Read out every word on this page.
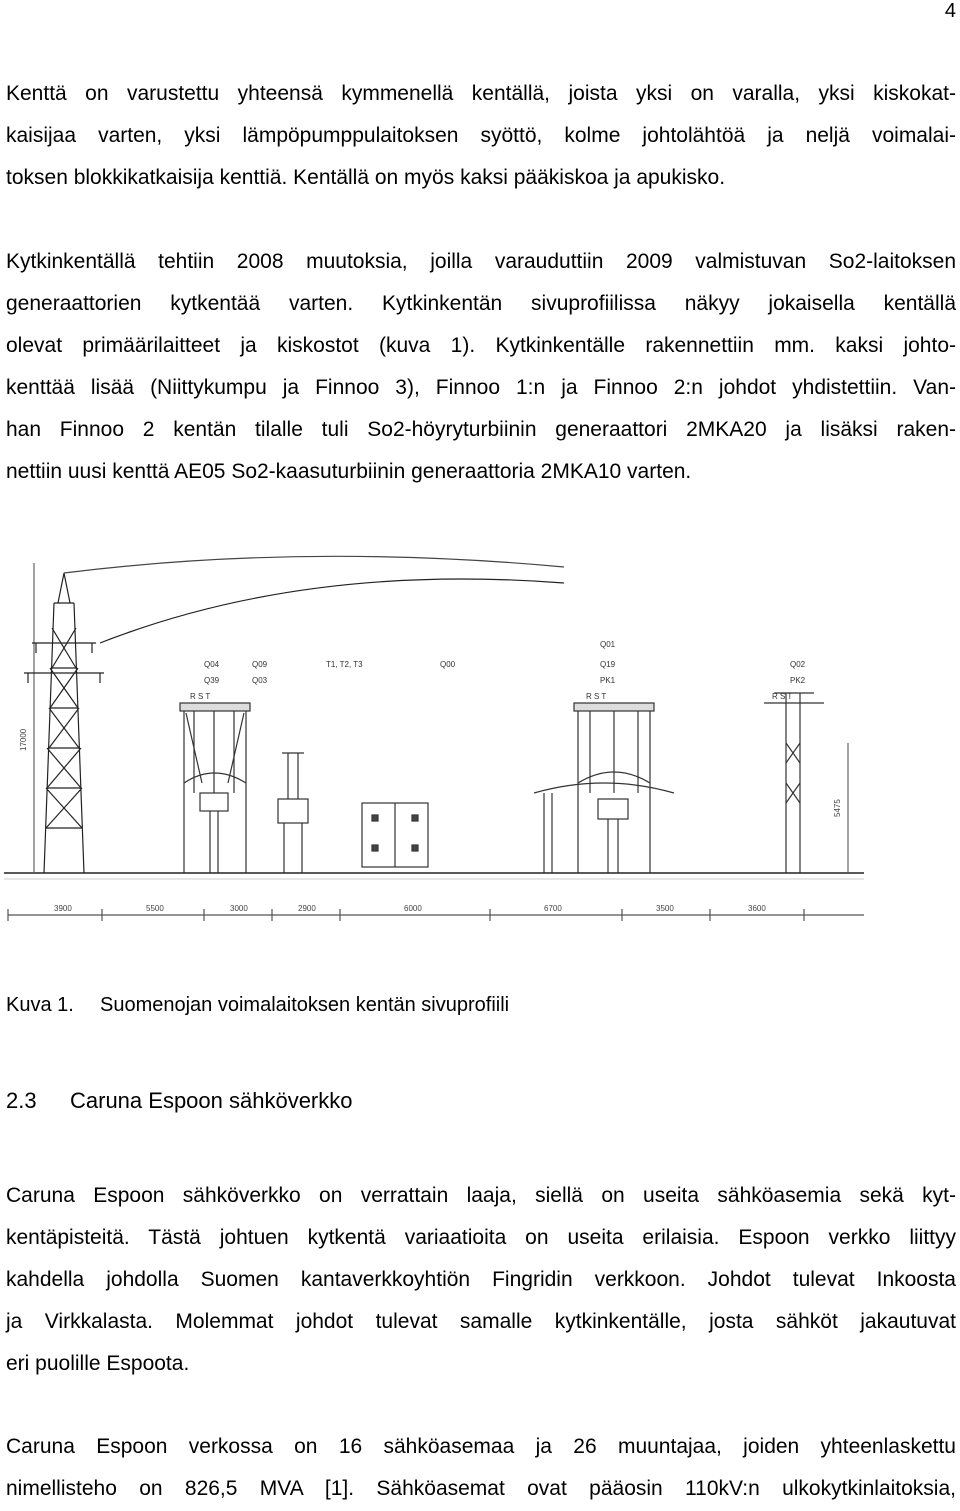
4

Kenttä on varustettu yhteensä kymmenellä kentällä, joista yksi on varalla, yksi kiskokat-
kaisijaa varten, yksi lämpöpumppulaitoksen syöttö, kolme johtolähtöä ja neljä voimalai-
toksen blokkikatkaisija kenttiä. Kentällä on myös kaksi pääkiskoa ja apukisko.

Kytkinkentällä tehtiin 2008 muutoksia, joilla varauduttiin 2009 valmistuvan So2-laitoksen
generaattorien kytkentää varten. Kytkinkentän sivuprofiilissa näkyy jokaisella kentällä
olevat primäärilaitteet ja kiskostot (kuva 1). Kytkinkentälle rakennettiin mm. kaksi johto-
kenttää lisää (Niittykumpu ja Finnoo 3), Finnoo 1:n ja Finnoo 2:n johdot yhdistettiin. Van-
han Finnoo 2 kentän tilalle tuli So2-höyryturbiinin generaattori 2MKA20 ja lisäksi raken-
nettiin uusi kenttä AE05 So2-kaasuturbiinin generaattoria 2MKA10 varten.

3900	5500	3000	2900	6000	6700	3500	3600
17000
Q04
Q39
Q09
Q03
T1, T2, T3	Q00
Q01
Q19
PK1
Q02
PK2
R S T	R S T	R S T
5475
Kuva 1. Suomenojan voimalaitoksen kentän sivuprofiili
2.3 Caruna Espoon sähköverkko

Caruna Espoon sähköverkko on verrattain laaja, siellä on useita sähköasemia sekä kyt-
kentäpisteitä. Tästä johtuen kytkentä variaatioita on useita erilaisia. Espoon verkko liittyy
kahdella johdolla Suomen kantaverkkoyhtiön Fingridin verkkoon. Johdot tulevat Inkoosta
ja Virkkalasta. Molemmat johdot tulevat samalle kytkinkentälle, josta sähköt jakautuvat
eri puolille Espoota.

Caruna Espoon verkossa on 16 sähköasemaa ja 26 muuntajaa, joiden yhteenlaskettu
nimellisteho on 826,5 MVA [1]. Sähköasemat ovat pääosin 110kV:n ulkokytkinlaitoksia,
